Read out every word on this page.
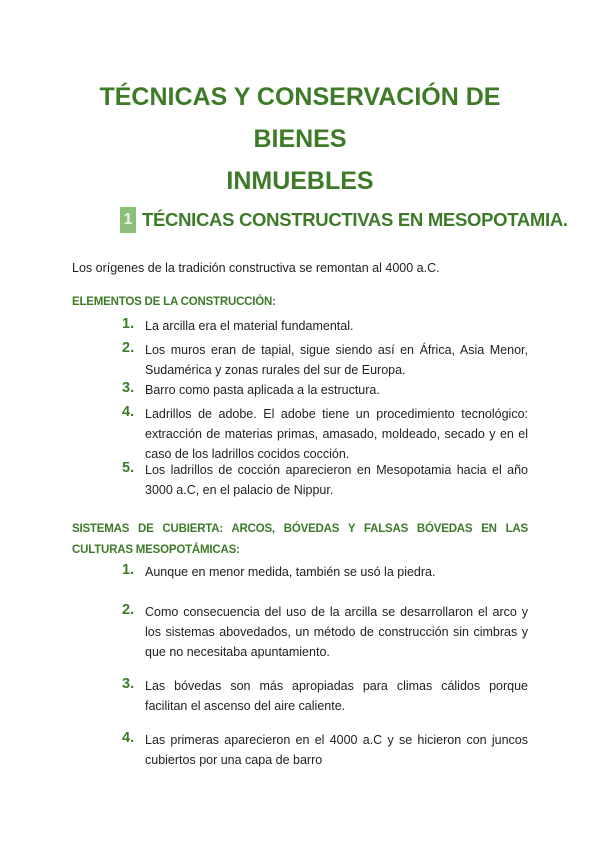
TÉCNICAS Y CONSERVACIÓN DE BIENES
INMUEBLES
1 TÉCNICAS CONSTRUCTIVAS EN MESOPOTAMIA.
Los orígenes de la tradición constructiva se remontan al 4000 a.C.
ELEMENTOS DE LA CONSTRUCCIÓN:
1. La arcilla era el material fundamental.
2. Los muros eran de tapial, sigue siendo así en África, Asia Menor, Sudamérica y zonas rurales del sur de Europa.
3. Barro como pasta aplicada a la estructura.
4. Ladrillos de adobe. El adobe tiene un procedimiento tecnológico: extracción de materias primas, amasado, moldeado, secado y en el caso de los ladrillos cocidos cocción.
5. Los ladrillos de cocción aparecieron en Mesopotamia hacia el año 3000 a.C, en el palacio de Nippur.
SISTEMAS DE CUBIERTA: ARCOS, BÓVEDAS Y FALSAS BÓVEDAS EN LAS CULTURAS MESOPOTÁMICAS:
1. Aunque en menor medida, también se usó la piedra.
2. Como consecuencia del uso de la arcilla se desarrollaron el arco y los sistemas abovedados, un método de construcción sin cimbras y que no necesitaba apuntamiento.
3. Las bóvedas son más apropiadas para climas cálidos porque facilitan el ascenso del aire caliente.
4. Las primeras aparecieron en el 4000 a.C y se hicieron con juncos cubiertos por una capa de barro
